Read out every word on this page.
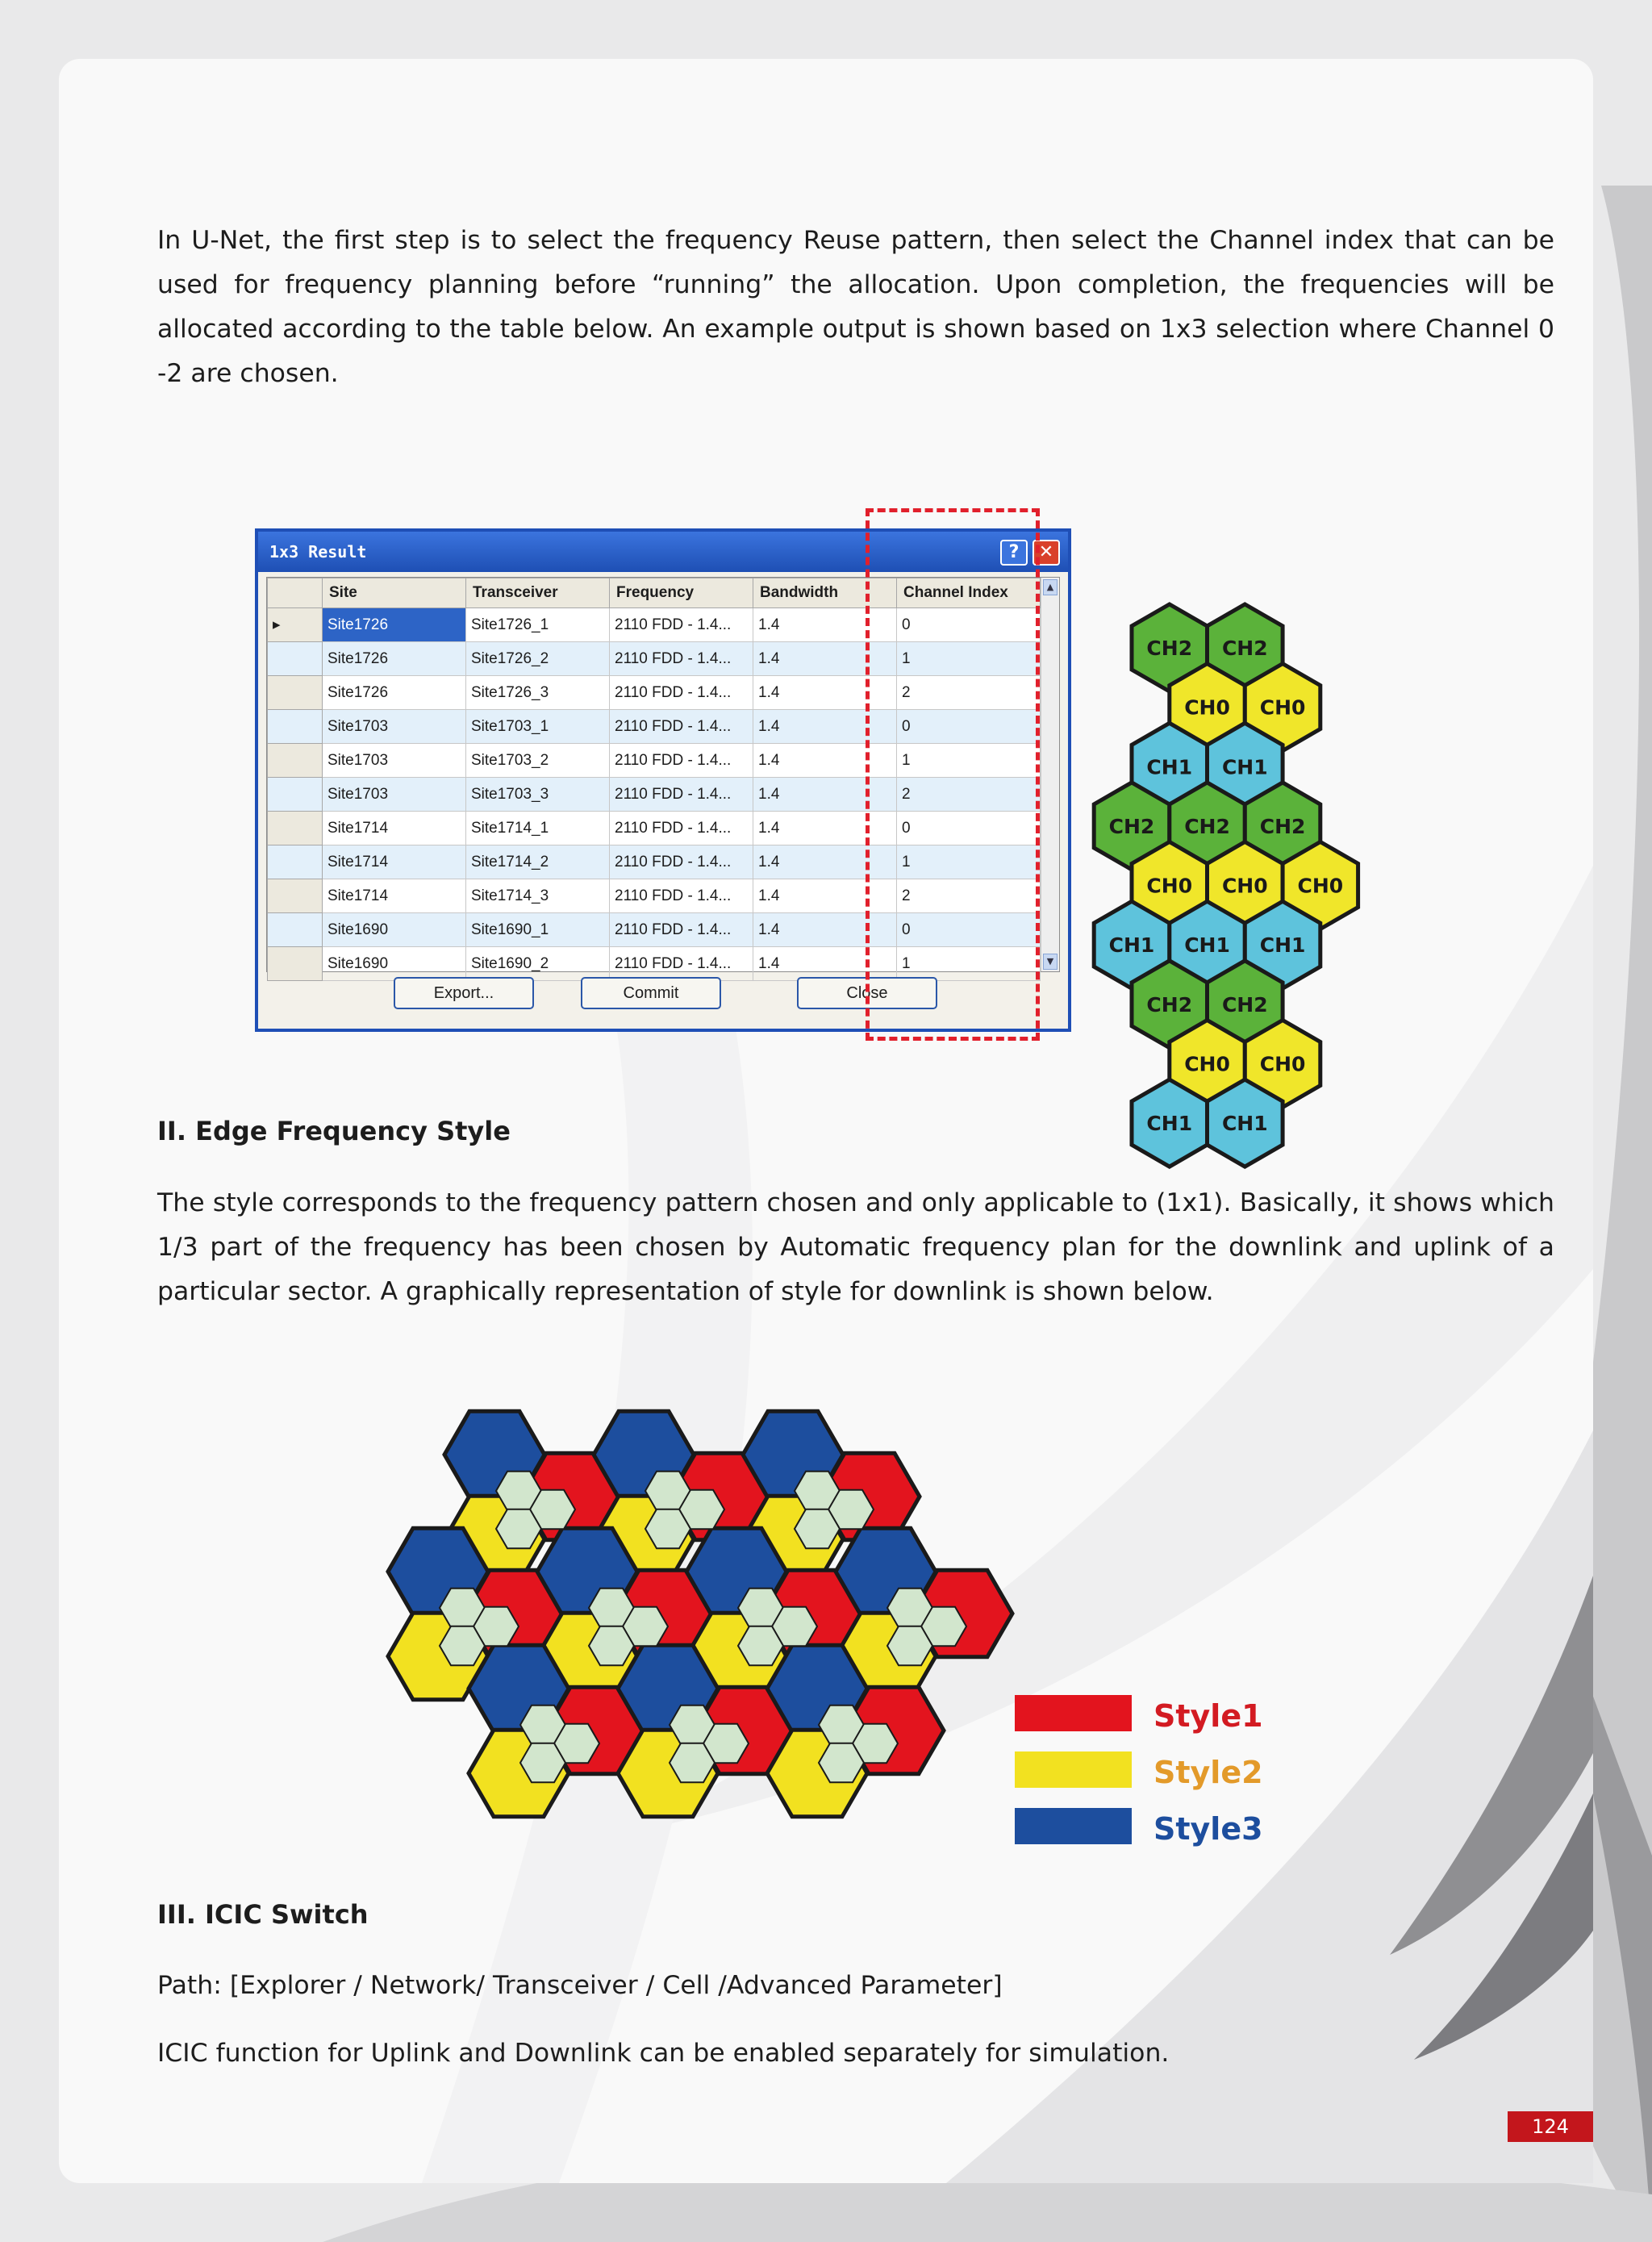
In U-Net, the first step is to select the frequency Reuse pattern, then select the Channel index that can be used for frequency planning before “running” the allocation. Upon completion, the frequencies will be allocated according to the table below. An example output is shown based on 1x3 selection where Channel 0 -2 are chosen.

1x3 Result	?	✕
	Site	Transceiver	Frequency	Bandwidth	Channel Index
▸	Site1726	Site1726_1	2110 FDD - 1.4...	1.4	0
	Site1726	Site1726_2	2110 FDD - 1.4...	1.4	1
	Site1726	Site1726_3	2110 FDD - 1.4...	1.4	2
	Site1703	Site1703_1	2110 FDD - 1.4...	1.4	0
	Site1703	Site1703_2	2110 FDD - 1.4...	1.4	1
	Site1703	Site1703_3	2110 FDD - 1.4...	1.4	2
	Site1714	Site1714_1	2110 FDD - 1.4...	1.4	0
	Site1714	Site1714_2	2110 FDD - 1.4...	1.4	1
	Site1714	Site1714_3	2110 FDD - 1.4...	1.4	2
	Site1690	Site1690_1	2110 FDD - 1.4...	1.4	0
	Site1690	Site1690_2	2110 FDD - 1.4...	1.4	1
▲
▼
Export...	Commit	Close
CH2 CH2
CH0 CH0
CH1 CH1
CH2 CH2 CH2
CH0 CH0 CH0
CH1 CH1 CH1
CH2 CH2
CH0 CH0
CH1 CH1

II. Edge Frequency Style

The style corresponds to the frequency pattern chosen and only applicable to (1x1). Basically, it shows which 1/3 part of the frequency has been chosen by Automatic frequency plan for the downlink and uplink of a particular sector. A graphically representation of style for downlink is shown below.

Style1
Style2
Style3

III. ICIC Switch

Path: [Explorer / Network/ Transceiver / Cell /Advanced Parameter]

ICIC function for Uplink and Downlink can be enabled separately for simulation.

124
